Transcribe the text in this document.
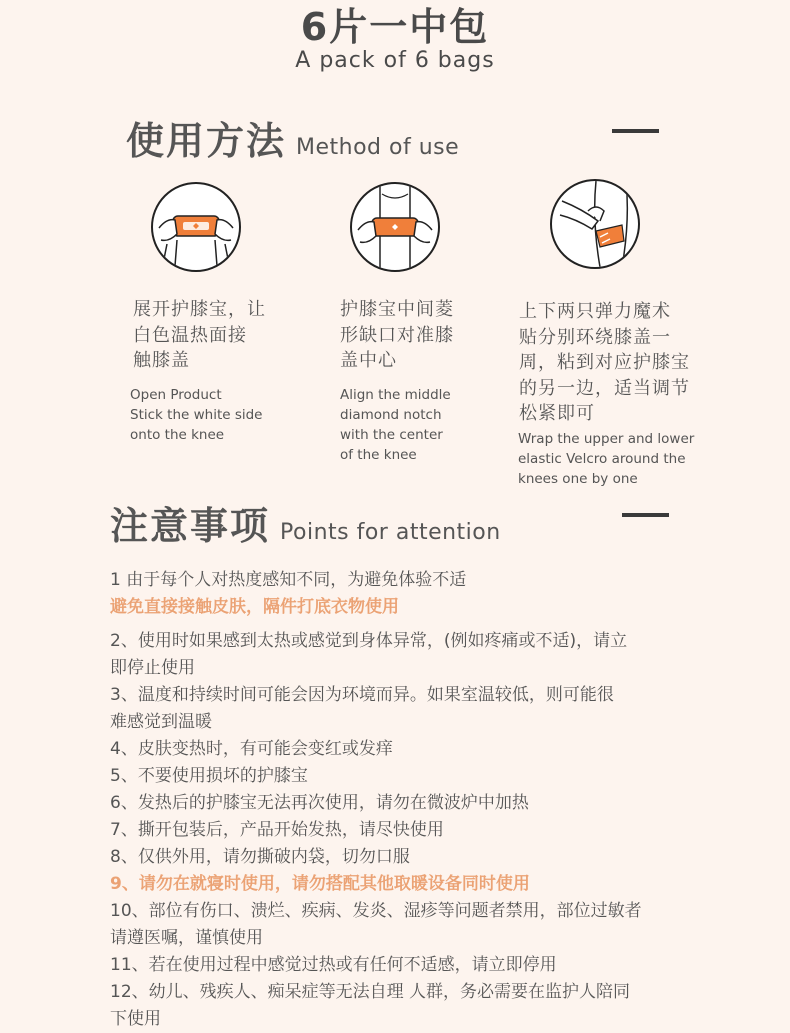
6片一中包
A pack of 6 bags
使用方法 Method of use
展开护膝宝，让
白色温热面接
触膝盖
Open Product
Stick the white side
onto the knee
护膝宝中间菱
形缺口对准膝
盖中心
Align the middle
diamond notch
with the center
of the knee
上下两只弹力魔术
贴分别环绕膝盖一
周，粘到对应护膝宝
的另一边，适当调节
松紧即可
Wrap the upper and lower
elastic Velcro around the
knees one by one
注意事项 Points for attention
1 由于每个人对热度感知不同，为避免体验不适
避免直接接触皮肤，隔件打底衣物使用
2、使用时如果感到太热或感觉到身体异常，(例如疼痛或不适)，请立
即停止使用
3、温度和持续时间可能会因为环境而异。如果室温较低，则可能很
难感觉到温暖
4、皮肤变热时，有可能会变红或发痒
5、不要使用损坏的护膝宝
6、发热后的护膝宝无法再次使用，请勿在微波炉中加热
7、撕开包装后，产品开始发热，请尽快使用
8、仅供外用，请勿撕破内袋，切勿口服
9、请勿在就寝时使用，请勿搭配其他取暖设备同时使用
10、部位有伤口、溃烂、疾病、发炎、湿疹等问题者禁用，部位过敏者
请遵医嘱，谨慎使用
11、若在使用过程中感觉过热或有任何不适感，请立即停用
12、幼儿、残疾人、痴呆症等无法自理 人群，务必需要在监护人陪同
下使用
